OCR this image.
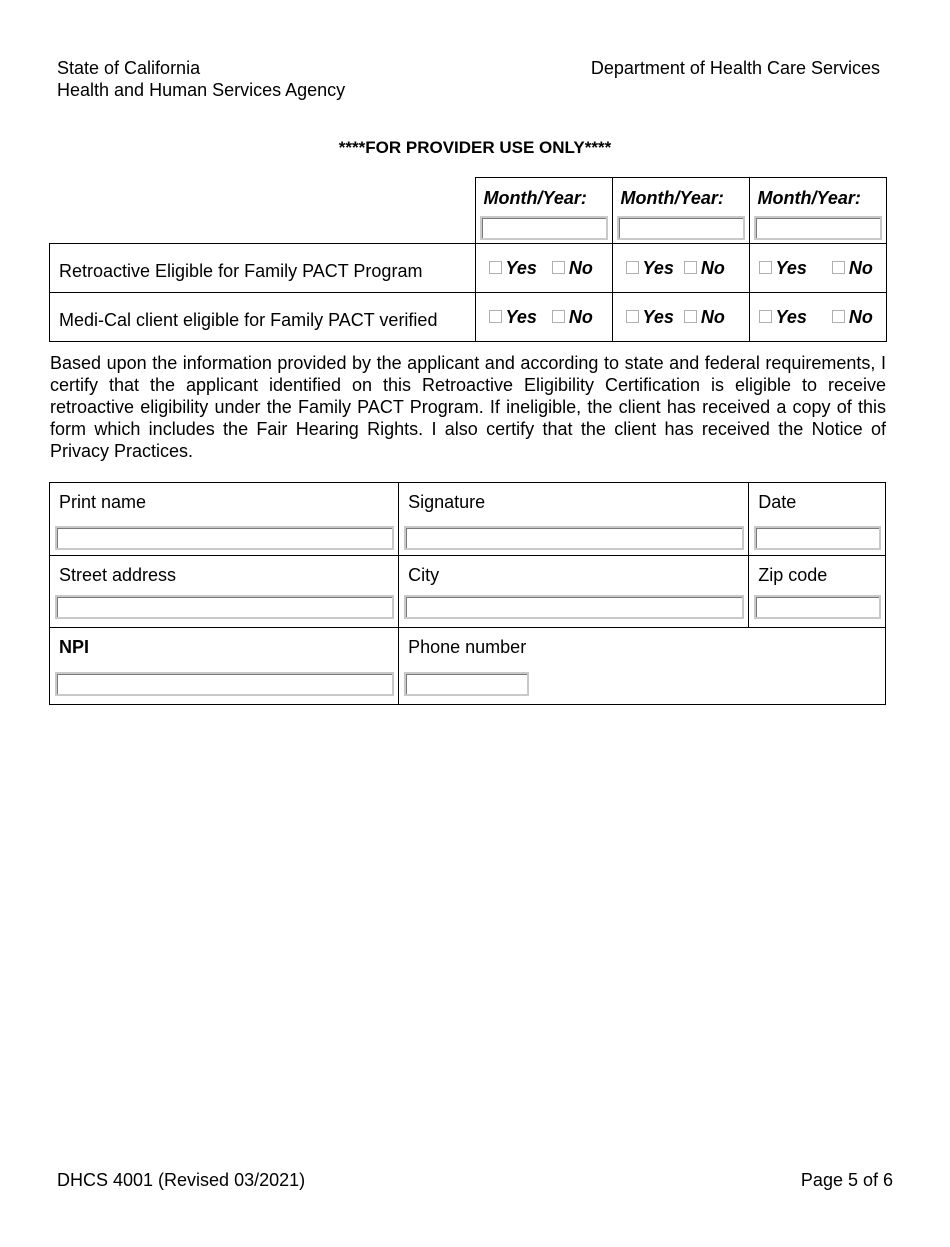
State of California
Health and Human Services Agency
Department of Health Care Services
****FOR PROVIDER USE ONLY****

	Month/Year:	Month/Year:	Month/Year:

Retroactive Eligible for Family PACT Program	Yes No	Yes No	Yes No
Medi-Cal client eligible for Family PACT verified	Yes No	Yes No	Yes No
Based upon the information provided by the applicant and according to state and federal requirements, I certify that the applicant identified on this Retroactive Eligibility Certification is eligible to receive retroactive eligibility under the Family PACT Program. If ineligible, the client has received a copy of this form which includes the Fair Hearing Rights. I also certify that the client has received the Notice of Privacy Practices.
Print name	Signature	Date

Street address	City	Zip code

NPI	Phone number	
DHCS 4001 (Revised 03/2021)	Page 5 of 6
